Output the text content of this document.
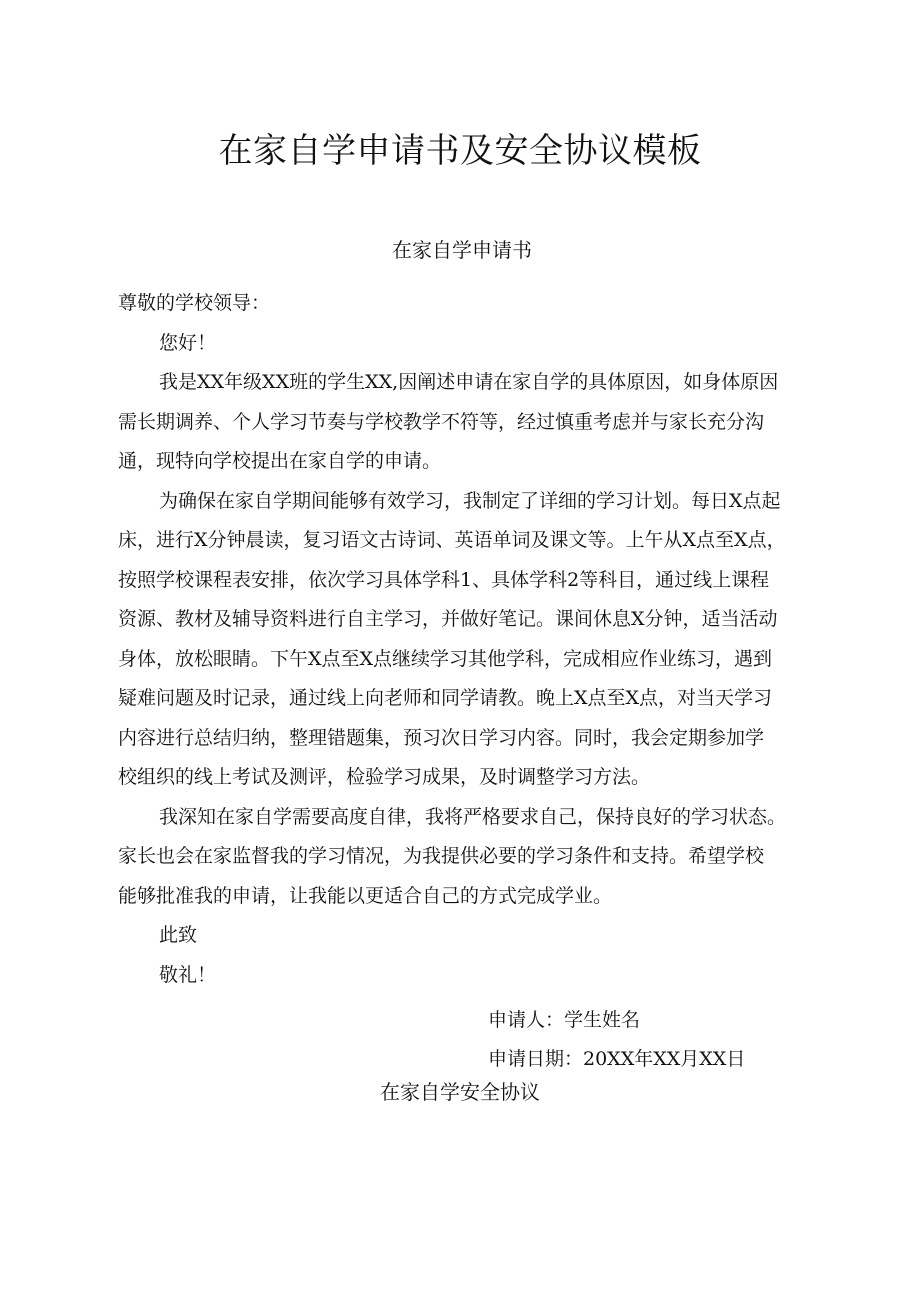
在家自学申请书及安全协议模板
在家自学申请书
尊敬的学校领导：
您好！
我是XX年级XX班的学生XX,因阐述申请在家自学的具体原因，如身体原因
需长期调养、个人学习节奏与学校教学不符等，经过慎重考虑并与家长充分沟
通，现特向学校提出在家自学的申请。
为确保在家自学期间能够有效学习，我制定了详细的学习计划。每日X点起
床，进行X分钟晨读，复习语文古诗词、英语单词及课文等。上午从X点至X点，
按照学校课程表安排，依次学习具体学科1、具体学科2等科目，通过线上课程
资源、教材及辅导资料进行自主学习，并做好笔记。课间休息X分钟，适当活动
身体，放松眼睛。下午X点至X点继续学习其他学科，完成相应作业练习，遇到
疑难问题及时记录，通过线上向老师和同学请教。晚上X点至X点，对当天学习
内容进行总结归纳，整理错题集，预习次日学习内容。同时，我会定期参加学
校组织的线上考试及测评，检验学习成果，及时调整学习方法。
我深知在家自学需要高度自律，我将严格要求自己，保持良好的学习状态。
家长也会在家监督我的学习情况，为我提供必要的学习条件和支持。希望学校
能够批准我的申请，让我能以更适合自己的方式完成学业。
此致
敬礼！
申请人：学生姓名
申请日期：20XX年XX月XX日
在家自学安全协议
